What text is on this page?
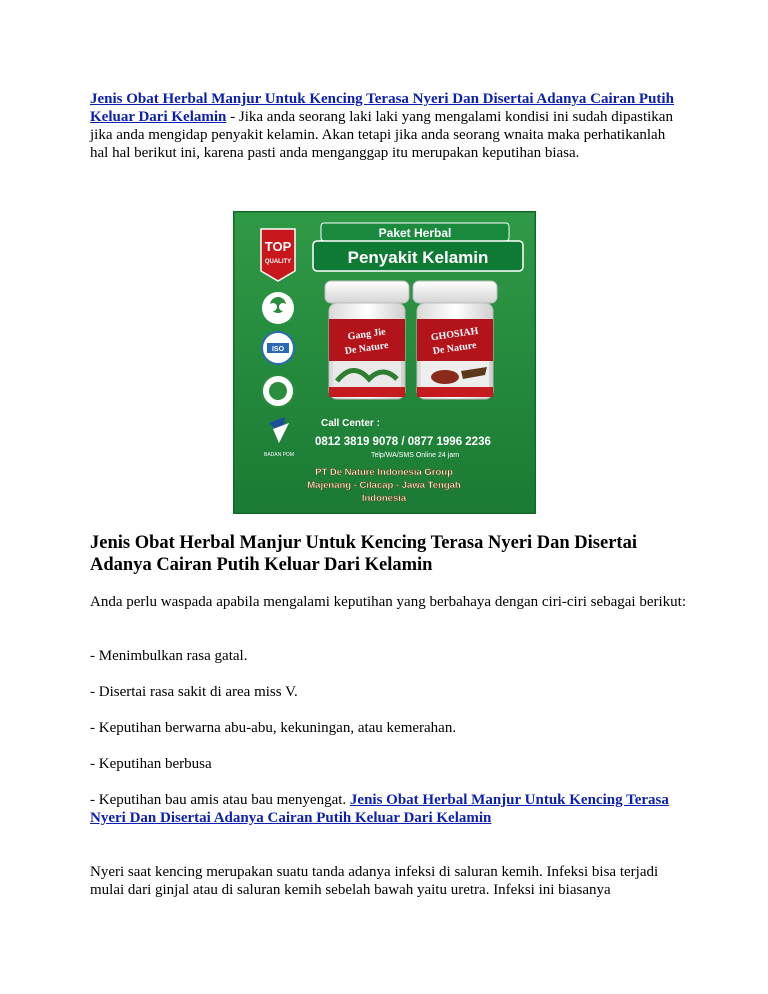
Jenis Obat Herbal Manjur Untuk Kencing Terasa Nyeri Dan Disertai Adanya Cairan Putih Keluar Dari Kelamin - Jika anda seorang laki laki yang mengalami kondisi ini sudah dipastikan jika anda mengidap penyakit kelamin. Akan tetapi jika anda seorang wnaita maka perhatikanlah hal hal berikut ini, karena pasti anda menganggap itu merupakan keputihan biasa.

Paket Herbal
Penyakit Kelamin
TOP
QUALITY
ISO
BADAN POM
Gang Jie
De Nature
GHOSIAH
De Nature
Call Center :
0812 3819 9078 / 0877 1996 2236
Telp/WA/SMS Online 24 jam
PT De Nature Indonesia Group
Majenang - Cilacap - Jawa Tengah
Indonesia
Jenis Obat Herbal Manjur Untuk Kencing Terasa Nyeri Dan Disertai Adanya Cairan Putih Keluar Dari Kelamin

Anda perlu waspada apabila mengalami keputihan yang berbahaya dengan ciri-ciri sebagai berikut:

- Menimbulkan rasa gatal.

- Disertai rasa sakit di area miss V.

- Keputihan berwarna abu-abu, kekuningan, atau kemerahan.

- Keputihan berbusa

- Keputihan bau amis atau bau menyengat. Jenis Obat Herbal Manjur Untuk Kencing Terasa Nyeri Dan Disertai Adanya Cairan Putih Keluar Dari Kelamin

Nyeri saat kencing merupakan suatu tanda adanya infeksi di saluran kemih. Infeksi bisa terjadi mulai dari ginjal atau di saluran kemih sebelah bawah yaitu uretra. Infeksi ini biasanya
